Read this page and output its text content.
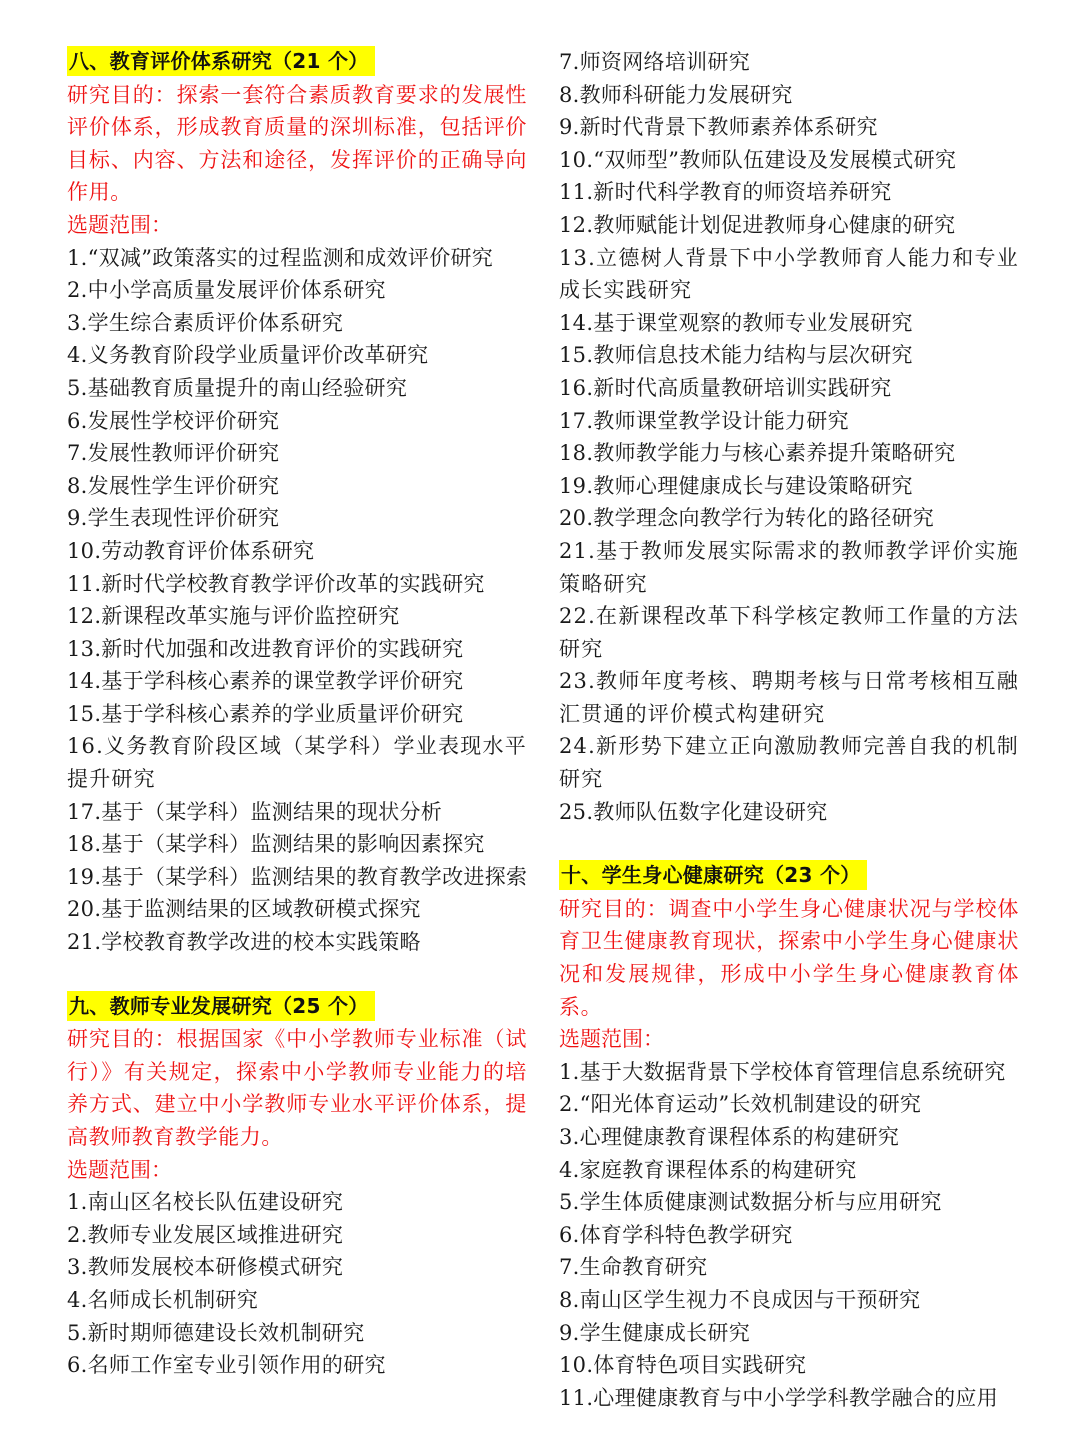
八、教育评价体系研究（21 个）
研究目的：探索一套符合素质教育要求的发展性评价体系，形成教育质量的深圳标准，包括评价目标、内容、方法和途径，发挥评价的正确导向作用。
选题范围：
1.“双减”政策落实的过程监测和成效评价研究
2.中小学高质量发展评价体系研究
3.学生综合素质评价体系研究
4.义务教育阶段学业质量评价改革研究
5.基础教育质量提升的南山经验研究
6.发展性学校评价研究
7.发展性教师评价研究
8.发展性学生评价研究
9.学生表现性评价研究
10.劳动教育评价体系研究
11.新时代学校教育教学评价改革的实践研究
12.新课程改革实施与评价监控研究
13.新时代加强和改进教育评价的实践研究
14.基于学科核心素养的课堂教学评价研究
15.基于学科核心素养的学业质量评价研究
16.义务教育阶段区域（某学科）学业表现水平提升研究
17.基于（某学科）监测结果的现状分析
18.基于（某学科）监测结果的影响因素探究
19.基于（某学科）监测结果的教育教学改进探索
20.基于监测结果的区域教研模式探究
21.学校教育教学改进的校本实践策略
九、教师专业发展研究（25 个）
研究目的：根据国家《中小学教师专业标准（试行）》有关规定，探索中小学教师专业能力的培养方式、建立中小学教师专业水平评价体系，提高教师教育教学能力。
选题范围：
1.南山区名校长队伍建设研究
2.教师专业发展区域推进研究
3.教师发展校本研修模式研究
4.名师成长机制研究
5.新时期师德建设长效机制研究
6.名师工作室专业引领作用的研究
7.师资网络培训研究
8.教师科研能力发展研究
9.新时代背景下教师素养体系研究
10.“双师型”教师队伍建设及发展模式研究
11.新时代科学教育的师资培养研究
12.教师赋能计划促进教师身心健康的研究
13.立德树人背景下中小学教师育人能力和专业成长实践研究
14.基于课堂观察的教师专业发展研究
15.教师信息技术能力结构与层次研究
16.新时代高质量教研培训实践研究
17.教师课堂教学设计能力研究
18.教师教学能力与核心素养提升策略研究
19.教师心理健康成长与建设策略研究
20.教学理念向教学行为转化的路径研究
21.基于教师发展实际需求的教师教学评价实施策略研究
22.在新课程改革下科学核定教师工作量的方法研究
23.教师年度考核、聘期考核与日常考核相互融汇贯通的评价模式构建研究
24.新形势下建立正向激励教师完善自我的机制研究
25.教师队伍数字化建设研究
十、学生身心健康研究（23 个）
研究目的：调查中小学生身心健康状况与学校体育卫生健康教育现状，探索中小学生身心健康状况和发展规律，形成中小学生身心健康教育体系。
选题范围：
1.基于大数据背景下学校体育管理信息系统研究
2.“阳光体育运动”长效机制建设的研究
3.心理健康教育课程体系的构建研究
4.家庭教育课程体系的构建研究
5.学生体质健康测试数据分析与应用研究
6.体育学科特色教学研究
7.生命教育研究
8.南山区学生视力不良成因与干预研究
9.学生健康成长研究
10.体育特色项目实践研究
11.心理健康教育与中小学学科教学融合的应用
